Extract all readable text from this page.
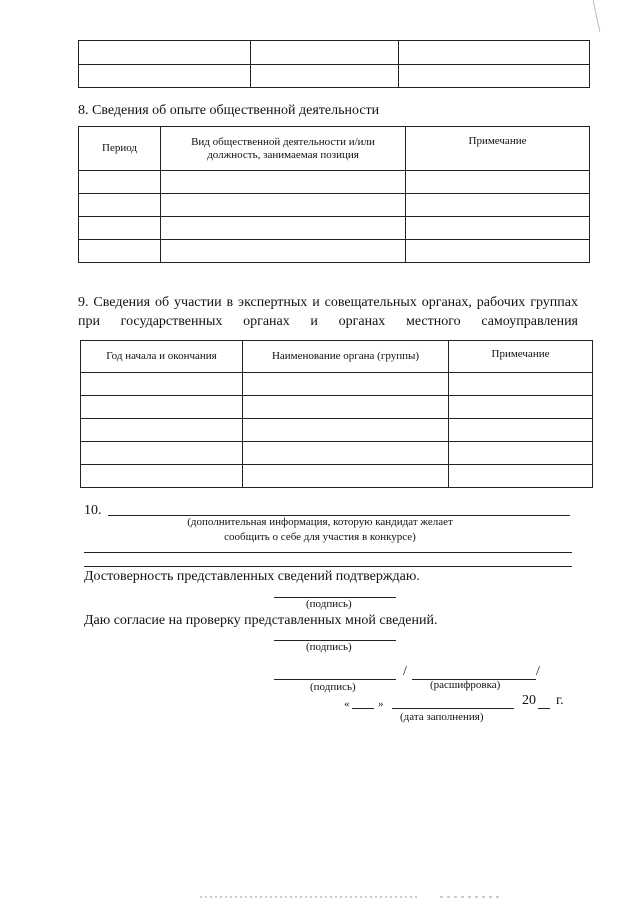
8. Сведения об опыте общественной деятельности

Период	Вид общественной деятельности и/или должность, занимаемая позиция	Примечание

9. Сведения об участии в экспертных и совещательных органах, рабочих группах при государственных органах и органах местного самоуправления

Год начала и окончания	Наименование органа (группы)	Примечание

10.
(дополнительная информация, которую кандидат желает
сообщить о себе для участия в конкурсе)
Достоверность представленных сведений подтверждаю.
(подпись)
Даю согласие на проверку представленных мной сведений.
(подпись)
/	/
(подпись)	(расшифровка)
«	»	20 г.
(дата заполнения)
